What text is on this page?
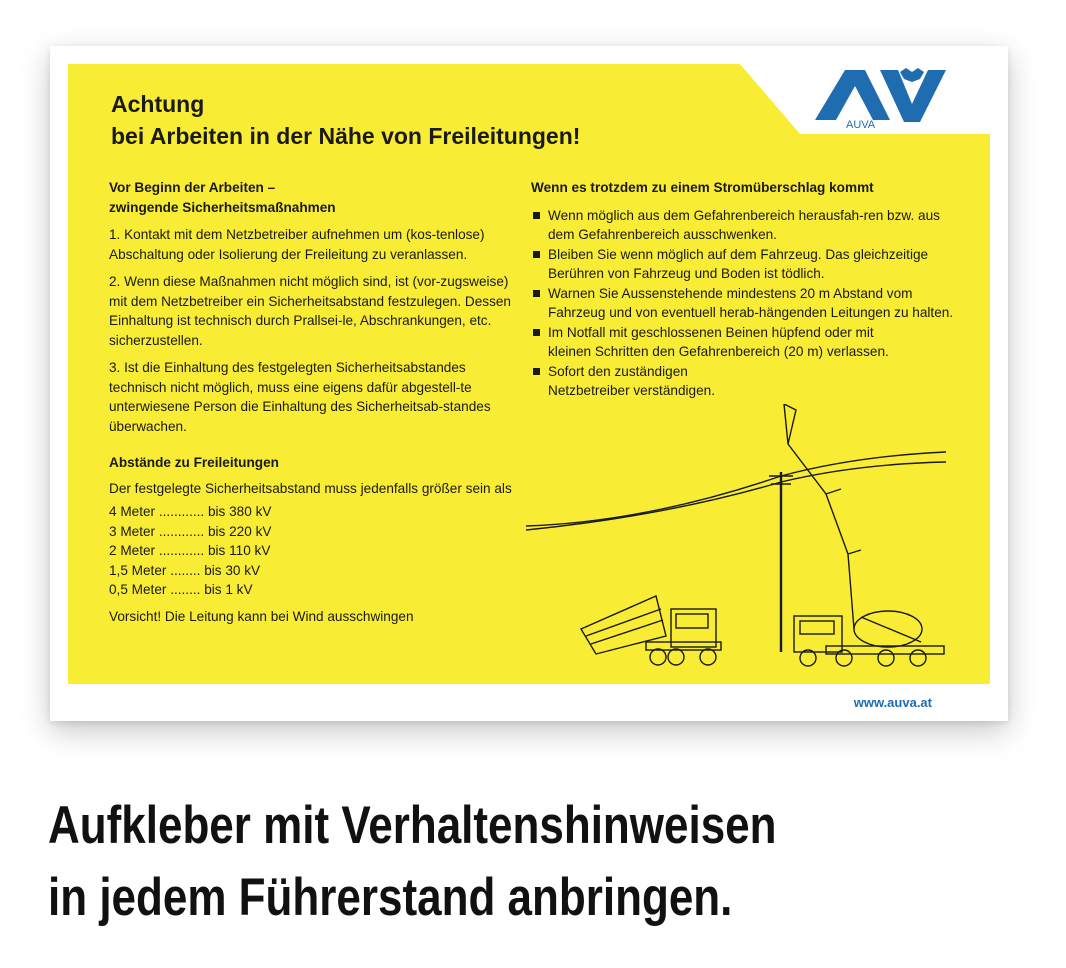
AUVA
Achtung
bei Arbeiten in der Nähe von Freileitungen!
Vor Beginn der Arbeiten –
zwingende Sicherheitsmaßnahmen
1. Kontakt mit dem Netzbetreiber aufnehmen um (kos-tenlose) Abschaltung oder Isolierung der Freileitung zu veranlassen.
2. Wenn diese Maßnahmen nicht möglich sind, ist (vor-zugsweise) mit dem Netzbetreiber ein Sicherheitsabstand festzulegen. Dessen Einhaltung ist technisch durch Prallsei-le, Abschrankungen, etc. sicherzustellen.
3. Ist die Einhaltung des festgelegten Sicherheitsabstandes technisch nicht möglich, muss eine eigens dafür abgestell-te unterwiesene Person die Einhaltung des Sicherheitsab-standes überwachen.
Abstände zu Freileitungen
Der festgelegte Sicherheitsabstand muss jedenfalls größer sein als
4 Meter ............ bis 380 kV
3 Meter ............ bis 220 kV
2 Meter ............ bis 110 kV
1,5 Meter ........ bis 30 kV
0,5 Meter ........ bis 1 kV
Vorsicht! Die Leitung kann bei Wind ausschwingen
Wenn es trotzdem zu einem Stromüberschlag kommt
Wenn möglich aus dem Gefahrenbereich herausfah-ren bzw. aus dem Gefahrenbereich ausschwenken.
Bleiben Sie wenn möglich auf dem Fahrzeug. Das gleichzeitige Berühren von Fahrzeug und Boden ist tödlich.
Warnen Sie Aussenstehende mindestens 20 m Abstand vom Fahrzeug und von eventuell herab-hängenden Leitungen zu halten.
Im Notfall mit geschlossenen Beinen hüpfend oder mit kleinen Schritten den Gefahrenbereich (20 m) verlassen.
Sofort den zuständigen Netzbetreiber verständigen.
www.auva.at
Aufkleber mit Verhaltenshinweisen
in jedem Führerstand anbringen.
